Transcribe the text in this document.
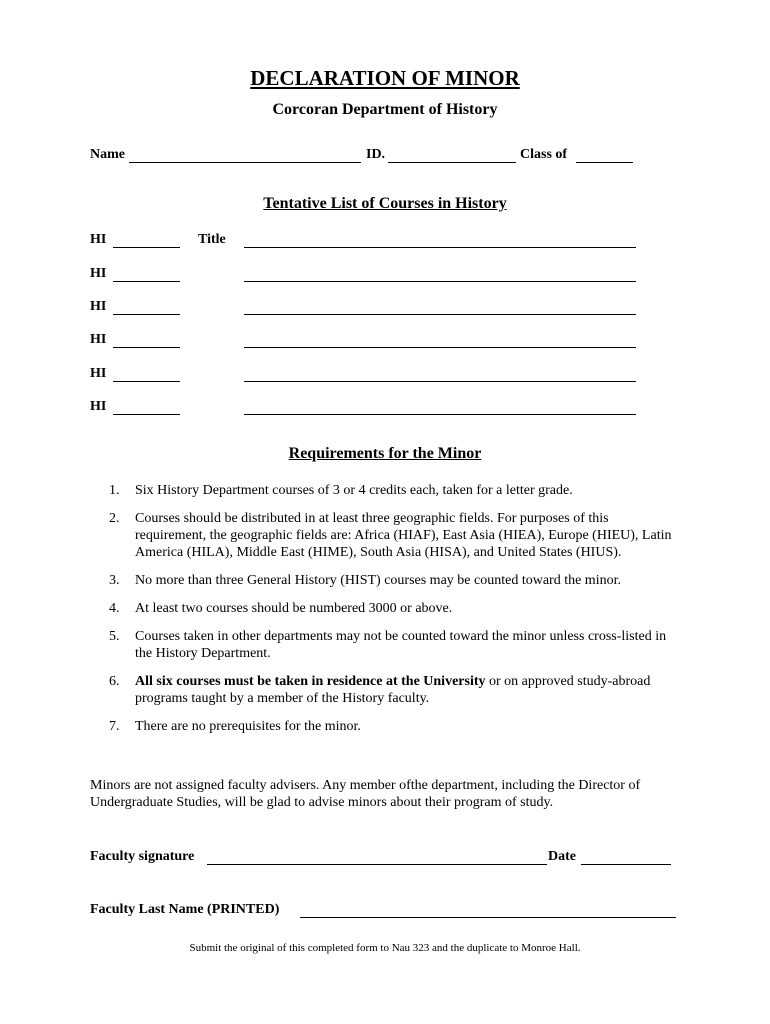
DECLARATION OF MINOR
Corcoran Department of History
Name	ID.	Class of
Tentative List of Courses in History
HI	Title
HI
HI
HI
HI
HI
Requirements for the Minor
1. Six History Department courses of 3 or 4 credits each, taken for a letter grade.
2. Courses should be distributed in at least three geographic fields. For purposes of this requirement, the geographic fields are: Africa (HIAF), East Asia (HIEA), Europe (HIEU), Latin America (HILA), Middle East (HIME), South Asia (HISA), and United States (HIUS).
3. No more than three General History (HIST) courses may be counted toward the minor.
4. At least two courses should be numbered 3000 or above.
5. Courses taken in other departments may not be counted toward the minor unless cross-listed in the History Department.
6. All six courses must be taken in residence at the University or on approved study-abroad programs taught by a member of the History faculty.
7. There are no prerequisites for the minor.
Minors are not assigned faculty advisers. Any member ofthe department, including the Director of Undergraduate Studies, will be glad to advise minors about their program of study.
Faculty signature	Date
Faculty Last Name (PRINTED)
Submit the original of this completed form to Nau 323 and the duplicate to Monroe Hall.
